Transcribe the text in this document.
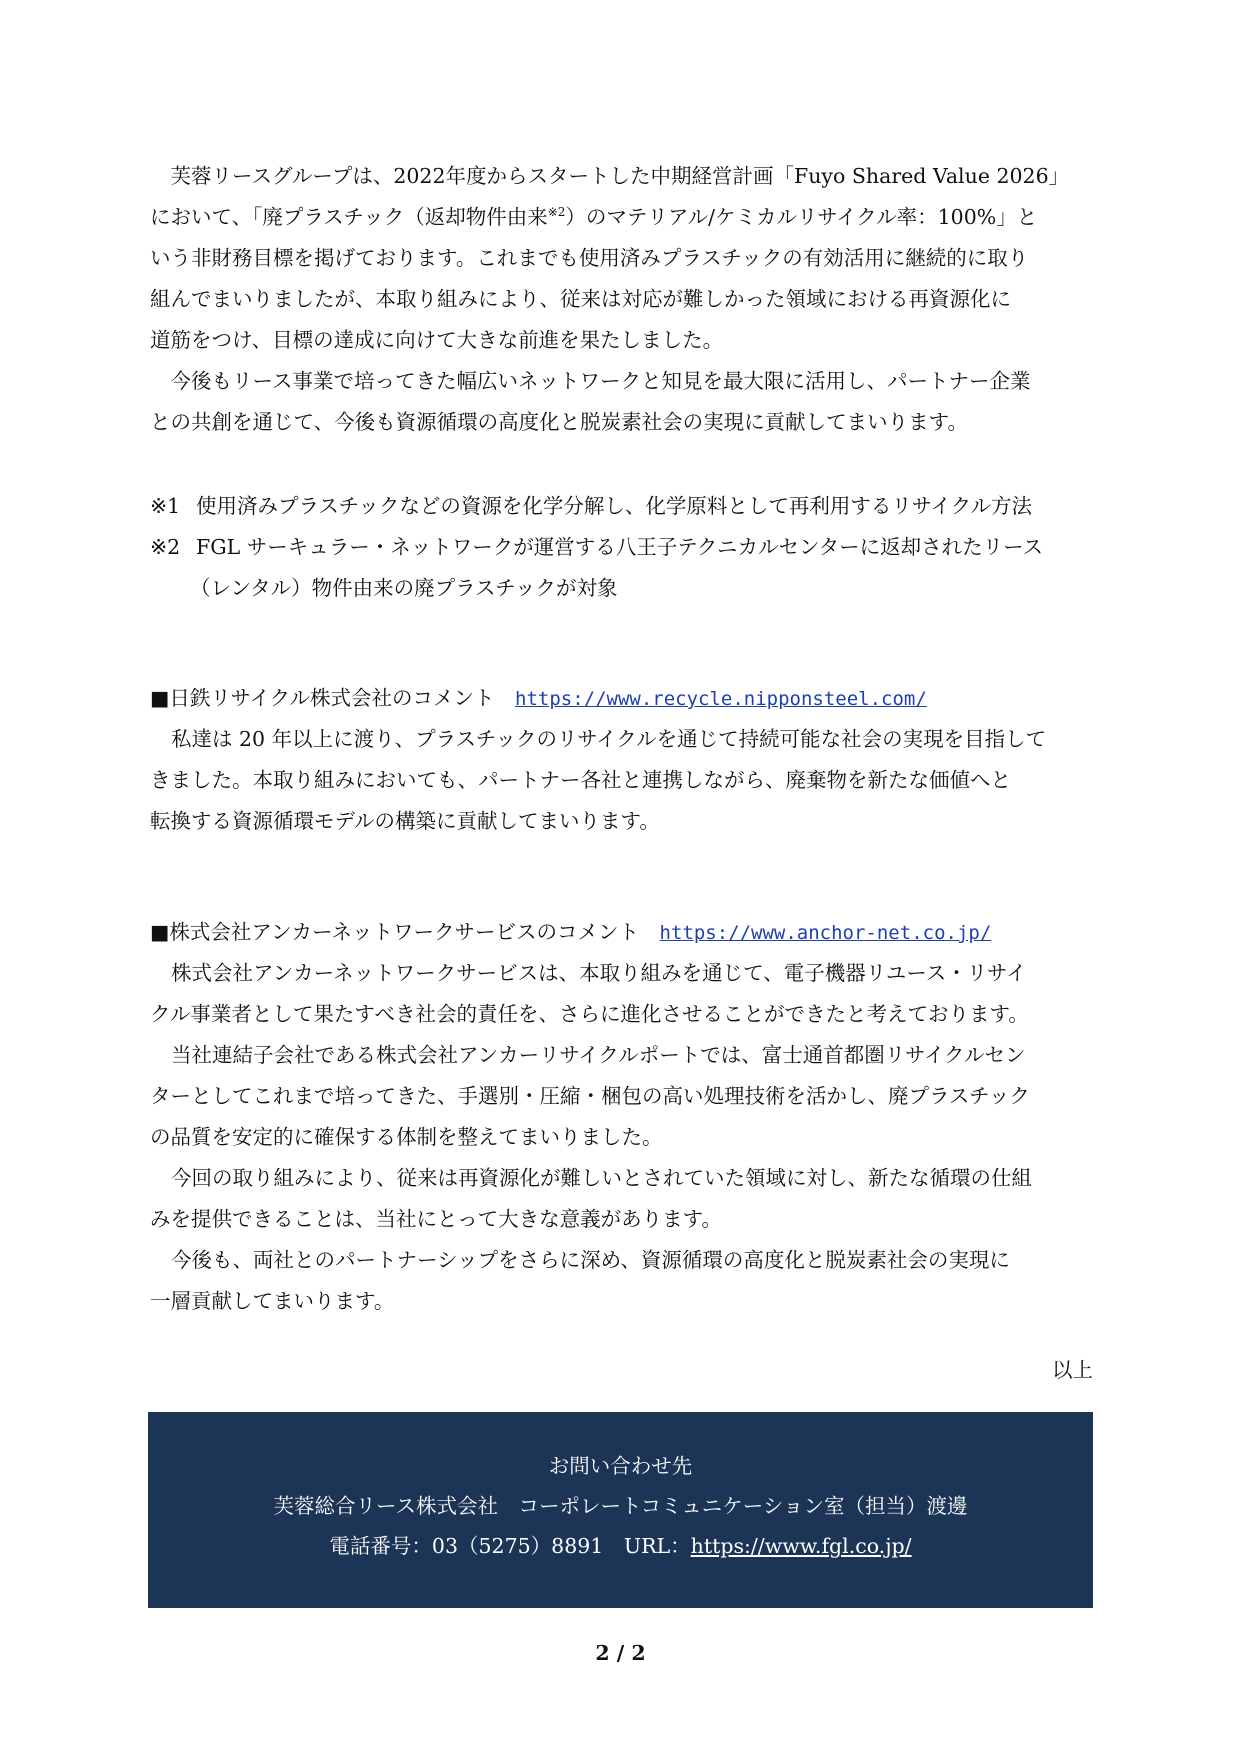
　芙蓉リースグループは、2022年度からスタートした中期経営計画「Fuyo Shared Value 2026」
において、「廃プラスチック（返却物件由来$^{※2}$）のマテリアル/ケミカルリサイクル率：100%」と
いう非財務目標を掲げております。これまでも使用済みプラスチックの有効活用に継続的に取り
組んでまいりましたが、本取り組みにより、従来は対応が難しかった領域における再資源化に
道筋をつけ、目標の達成に向けて大きな前進を果たしました。
　今後もリース事業で培ってきた幅広いネットワークと知見を最大限に活用し、パートナー企業
との共創を通じて、今後も資源循環の高度化と脱炭素社会の実現に貢献してまいります。
※1 使用済みプラスチックなどの資源を化学分解し、化学原料として再利用するリサイクル方法
※2 FGL サーキュラー・ネットワークが運営する八王子テクニカルセンターに返却されたリース
（レンタル）物件由来の廃プラスチックが対象
■日鉄リサイクル株式会社のコメント　 https://www.recycle.nipponsteel.com/
私達は 20 年以上に渡り、プラスチックのリサイクルを通じて持続可能な社会の実現を目指して
きました。本取り組みにおいても、パートナー各社と連携しながら、廃棄物を新たな価値へと
転換する資源循環モデルの構築に貢献してまいります。
■株式会社アンカーネットワークサービスのコメント　 https://www.anchor-net.co.jp/
株式会社アンカーネットワークサービスは、本取り組みを通じて、電子機器リユース・リサイ
クル事業者として果たすべき社会的責任を、さらに進化させることができたと考えております。
当社連結子会社である株式会社アンカーリサイクルポートでは、富士通首都圏リサイクルセン
ターとしてこれまで培ってきた、手選別・圧縮・梱包の高い処理技術を活かし、廃プラスチック
の品質を安定的に確保する体制を整えてまいりました。
今回の取り組みにより、従来は再資源化が難しいとされていた領域に対し、新たな循環の仕組
みを提供できることは、当社にとって大きな意義があります。
今後も、両社とのパートナーシップをさらに深め、資源循環の高度化と脱炭素社会の実現に
一層貢献してまいります。
以上
お問い合わせ先
芙蓉総合リース株式会社　コーポレートコミュニケーション室（担当）渡邊
電話番号：03（5275）8891　URL：https://www.fgl.co.jp/
2 / 2
